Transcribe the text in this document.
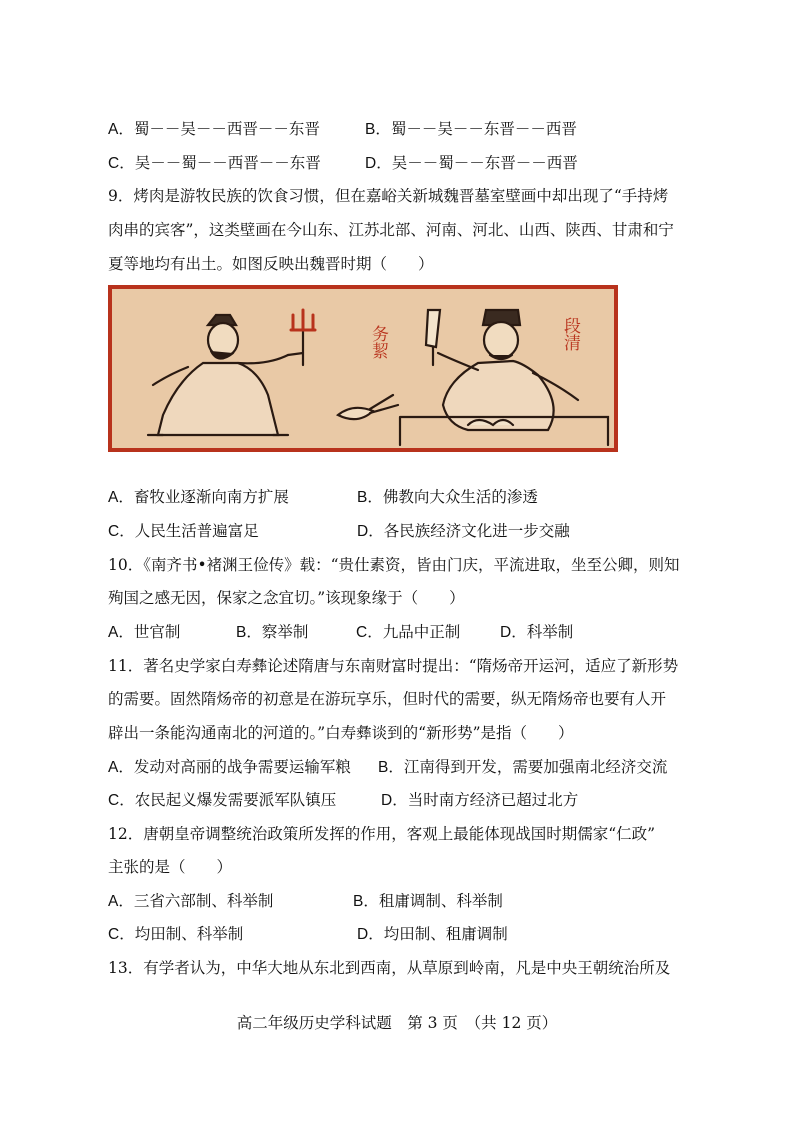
A．蜀－－吴－－西晋－－东晋	B．蜀－－吴－－东晋－－西晋
C．吴－－蜀－－西晋－－东晋	D．吴－－蜀－－东晋－－西晋
9．烤肉是游牧民族的饮食习惯，但在嘉峪关新城魏晋墓室壁画中却出现了“手持烤
肉串的宾客”，这类壁画在今山东、江苏北部、河南、河北、山西、陕西、甘肃和宁
夏等地均有出土。如图反映出魏晋时期（　　）
务絜	段清
A．畜牧业逐渐向南方扩展	B．佛教向大众生活的渗透
C．人民生活普遍富足	D．各民族经济文化进一步交融
10．《南齐书•褚渊王俭传》载：“贵仕素资，皆由门庆，平流进取，坐至公卿，则知
殉国之感无因，保家之念宜切。”该现象缘于（　　）
A．世官制	B．察举制	C．九品中正制	D．科举制
11．著名史学家白寿彝论述隋唐与东南财富时提出：“隋炀帝开运河，适应了新形势
的需要。固然隋炀帝的初意是在游玩享乐，但时代的需要，纵无隋炀帝也要有人开
辟出一条能沟通南北的河道的。”白寿彝谈到的“新形势”是指（　　）
A．发动对高丽的战争需要运输军粮 B．江南得到开发，需要加强南北经济交流
C．农民起义爆发需要派军队镇压	D．当时南方经济已超过北方
12．唐朝皇帝调整统治政策所发挥的作用，客观上最能体现战国时期儒家“仁政”
主张的是（　　）
A．三省六部制、科举制	B．租庸调制、科举制
C．均田制、科举制	D．均田制、租庸调制
13．有学者认为，中华大地从东北到西南，从草原到岭南，凡是中央王朝统治所及
高二年级历史学科试题　第 3 页　（共 12 页）
